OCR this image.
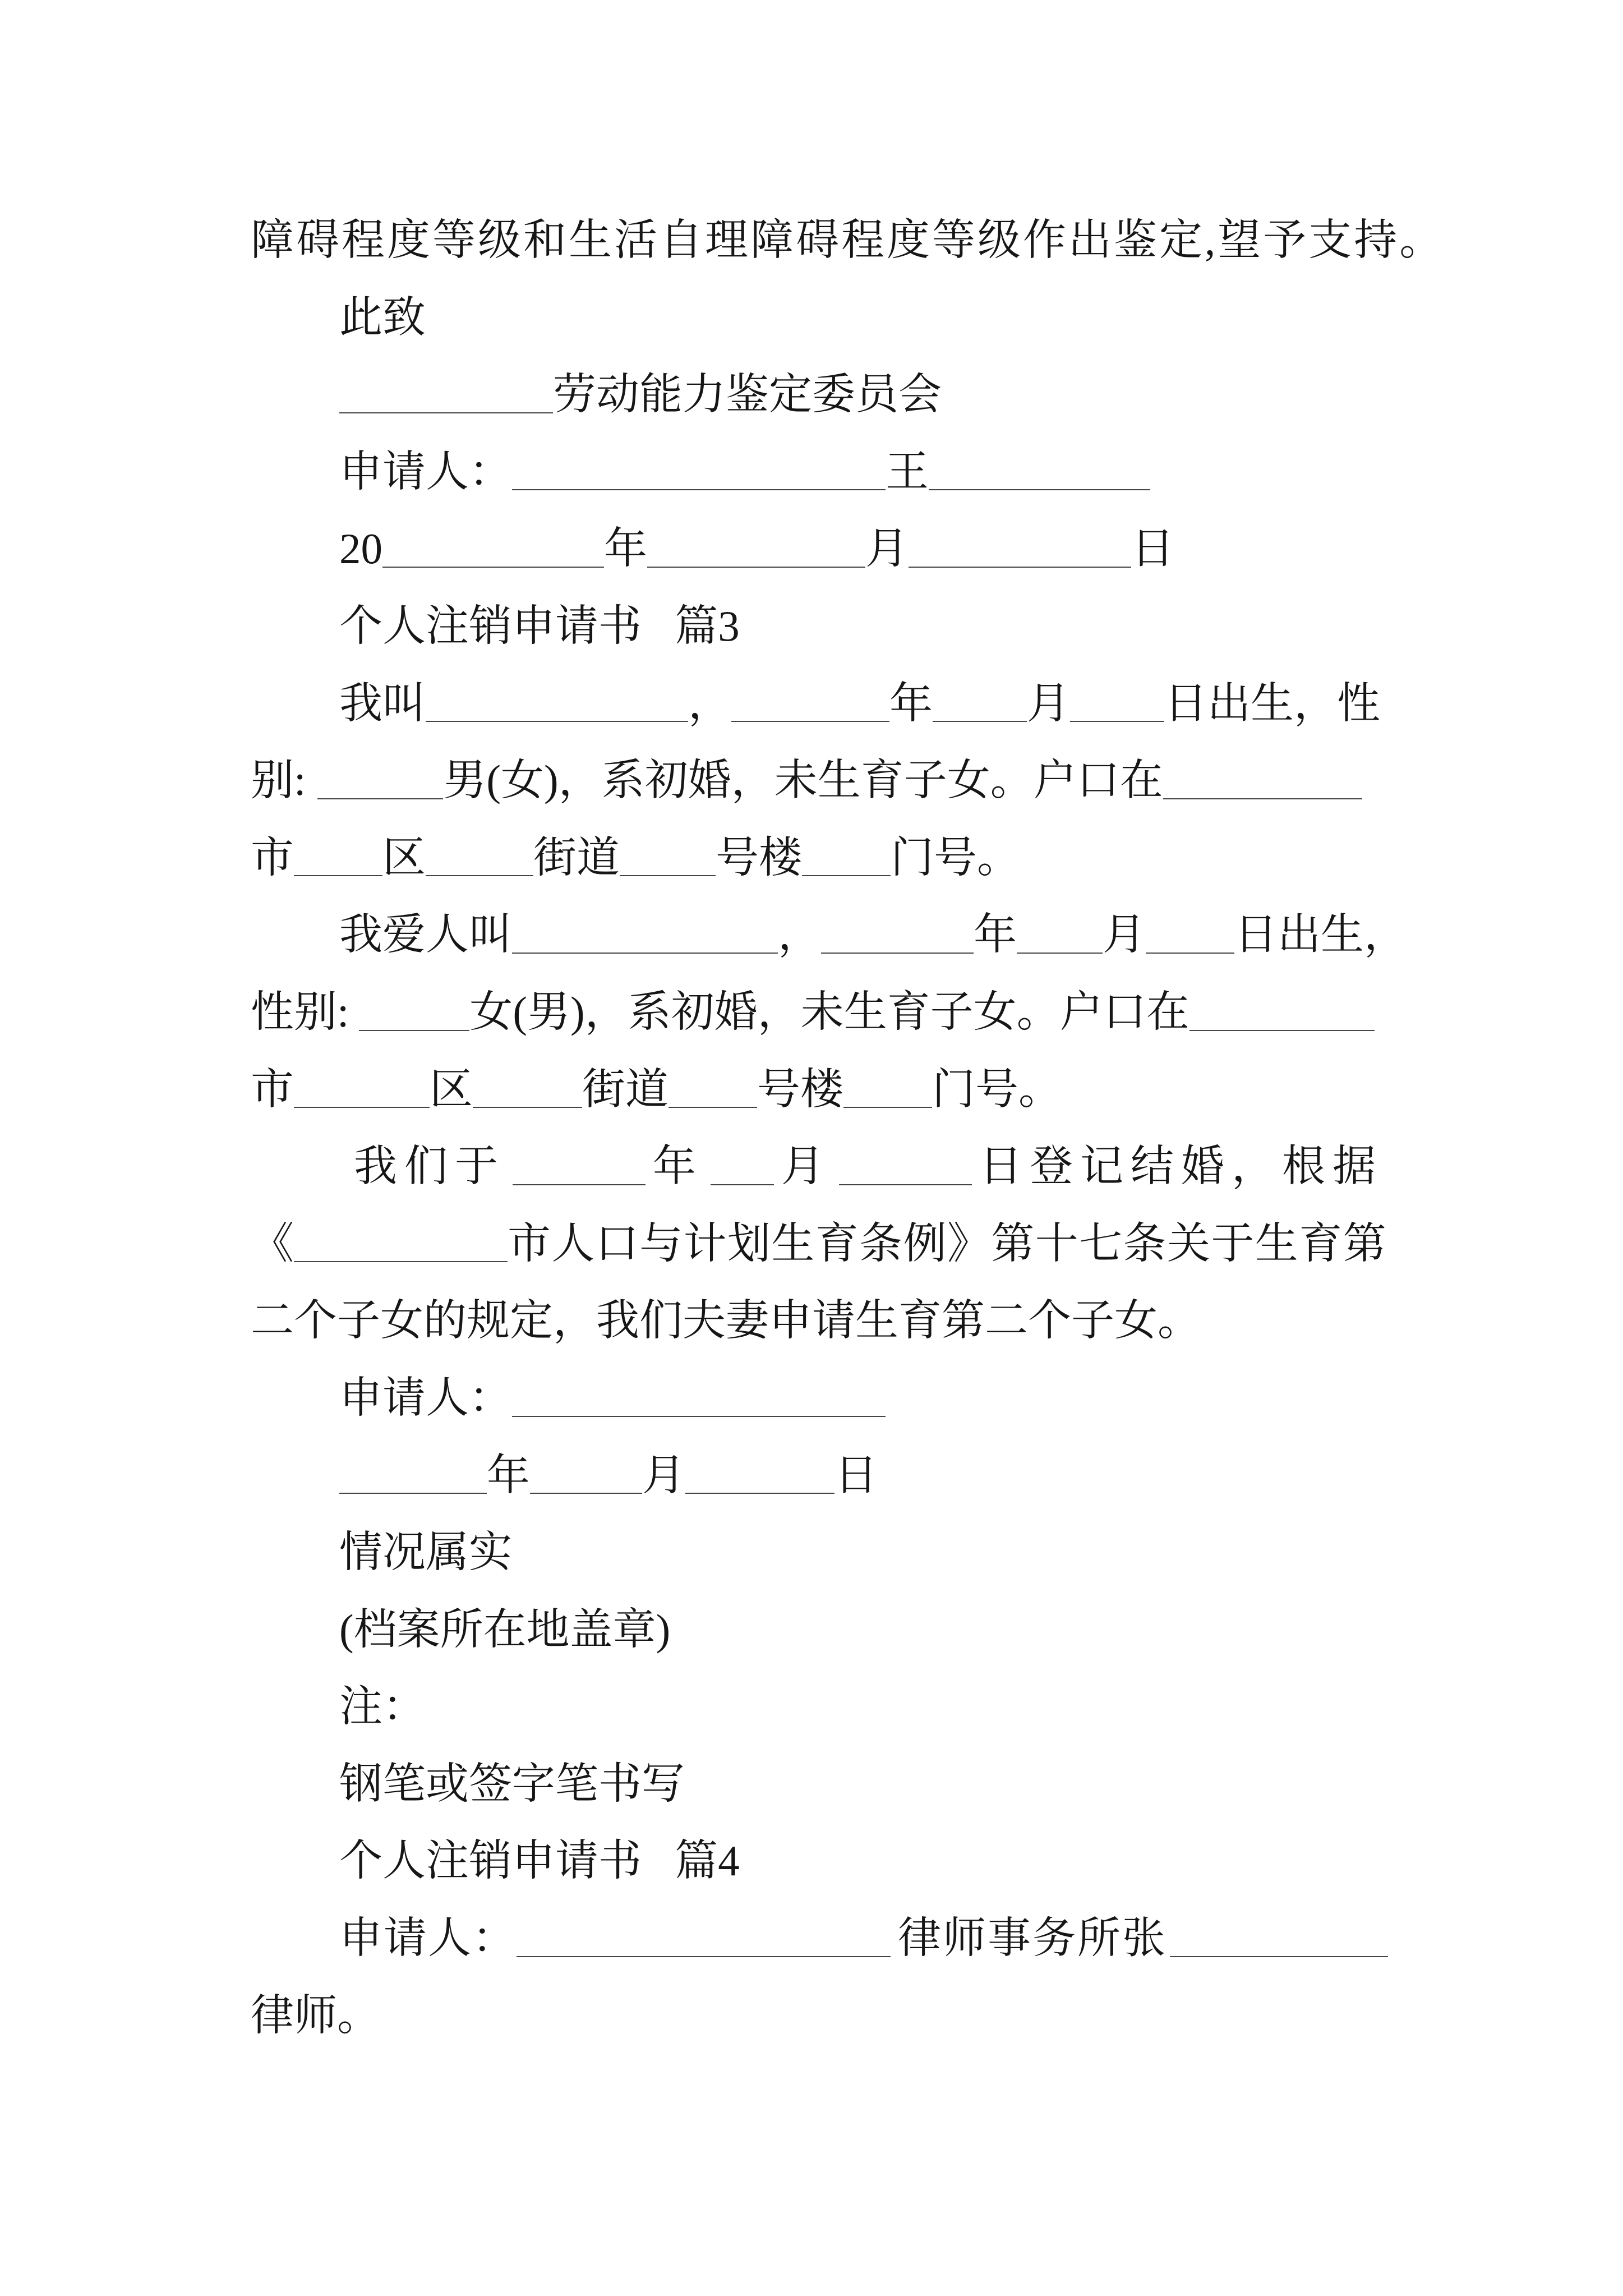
障碍程度等级和生活自理障碍程度等级作出鉴定,望予支持。
此致
劳动能力鉴定委员会
申请人：	王
20	年	月	日
个人注销申请书 篇3
我叫	，	年 月 日出生，性
别:	男(女)，系初婚，未生育子女。户口在
市 区 街道 号楼 门号。
我爱人叫	，	年 月 日出生，
性别:	女(男)，系初婚，未生育子女。户口在
市	区	街道 号楼 门号。
我们于	年 月	日登记结婚，根据
《	市人口与计划生育条例》第十七条关于生育第
二个子女的规定，我们夫妻申请生育第二个子女。
申请人：
年	月	日
情况属实
(档案所在地盖章)
注：
钢笔或签字笔书写
个人注销申请书 篇4
申请人：	律师事务所张
律师。
